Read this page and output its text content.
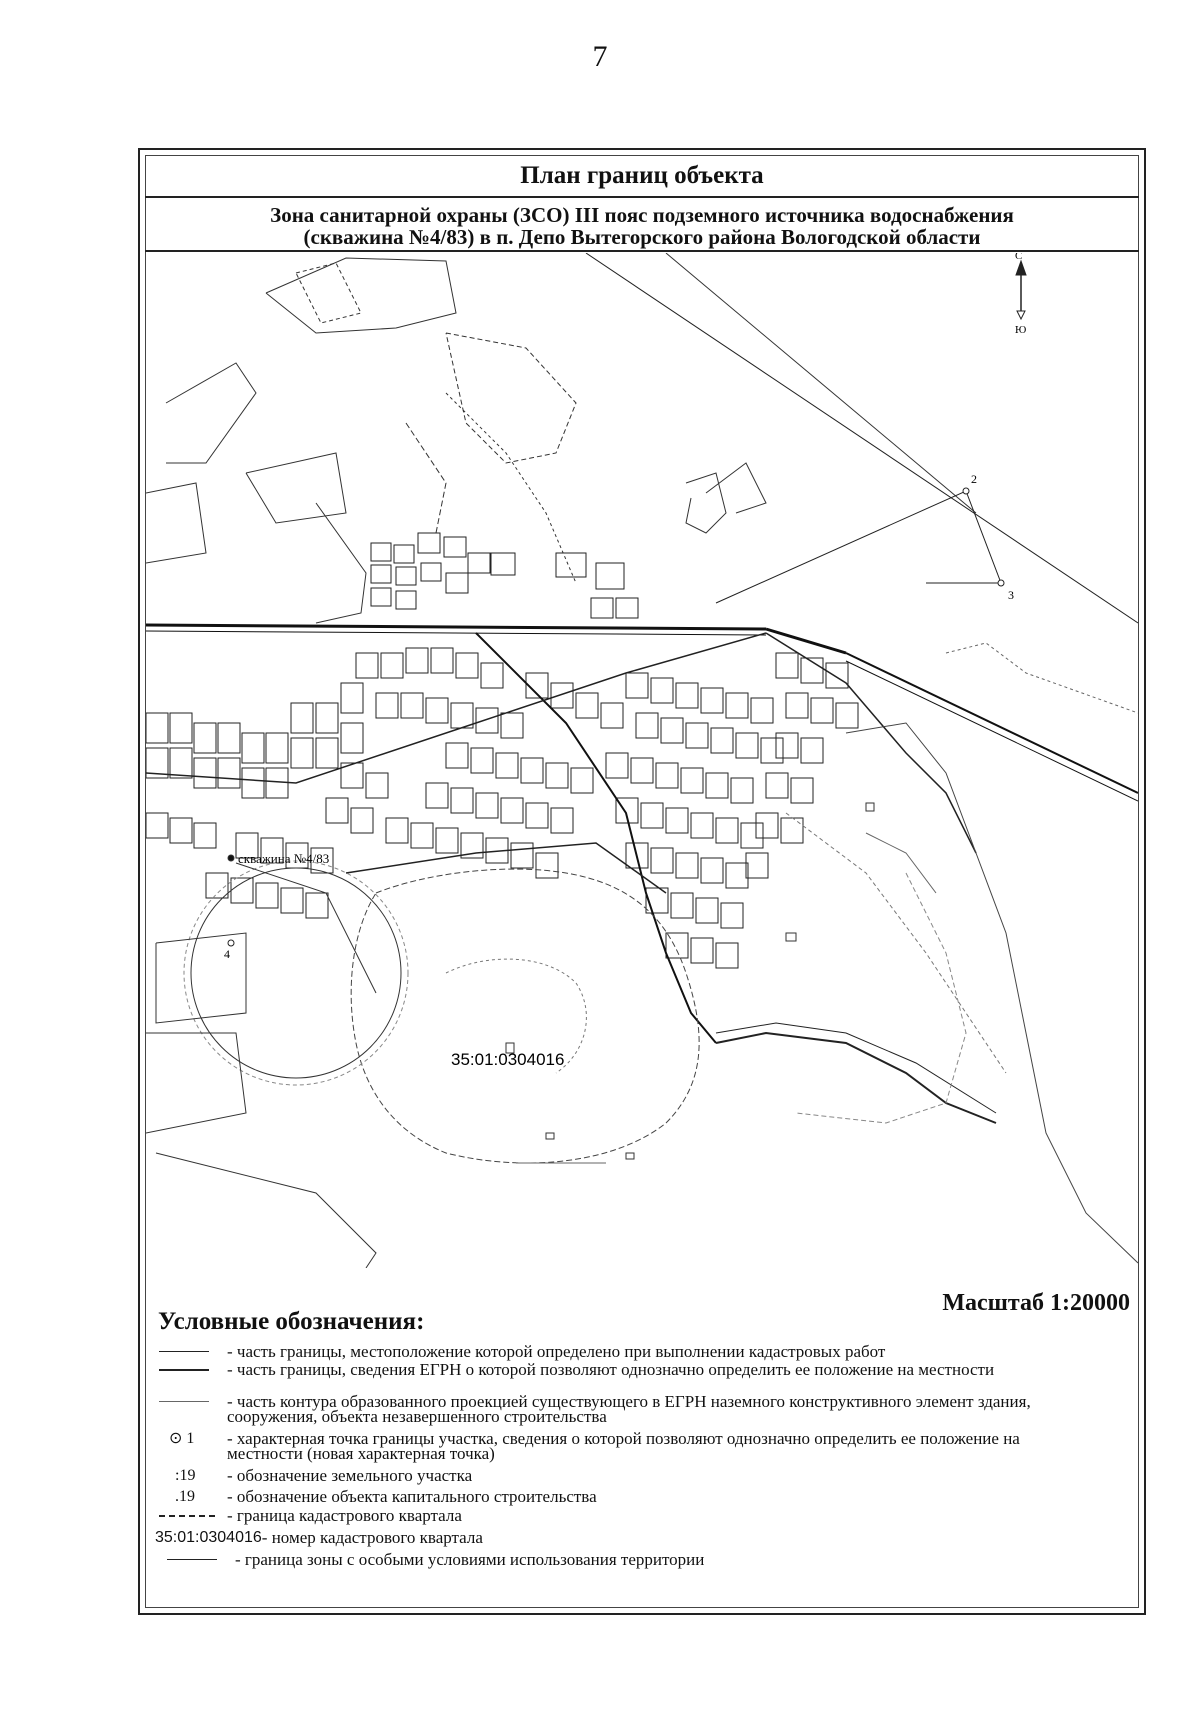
7
План границ объекта
Зона санитарной охраны (ЗСО) III пояс подземного источника водоснабжения
(скважина №4/83) в п. Депо Вытегорского района Вологодской области
С
Ю
2
3
4
скважина №4/83
35:01:0304016
Масштаб 1:20000
Условные обозначения:
- часть границы, местоположение которой определено при выполнении кадастровых работ
- часть границы, сведения ЕГРН о которой позволяют однозначно определить ее положение на местности
- часть контура образованного проекцией существующего в ЕГРН наземного конструктивного элемент здания, сооружения, объекта незавершенного строительства
⊙ 1 - характерная точка границы участка, сведения о которой позволяют однозначно определить ее положение на местности (новая характерная точка)
:19 - обозначение земельного участка
.19 - обозначение объекта капитального строительства
- граница кадастрового квартала
35:01:0304016 - номер кадастрового квартала
- граница зоны с особыми условиями использования территории
